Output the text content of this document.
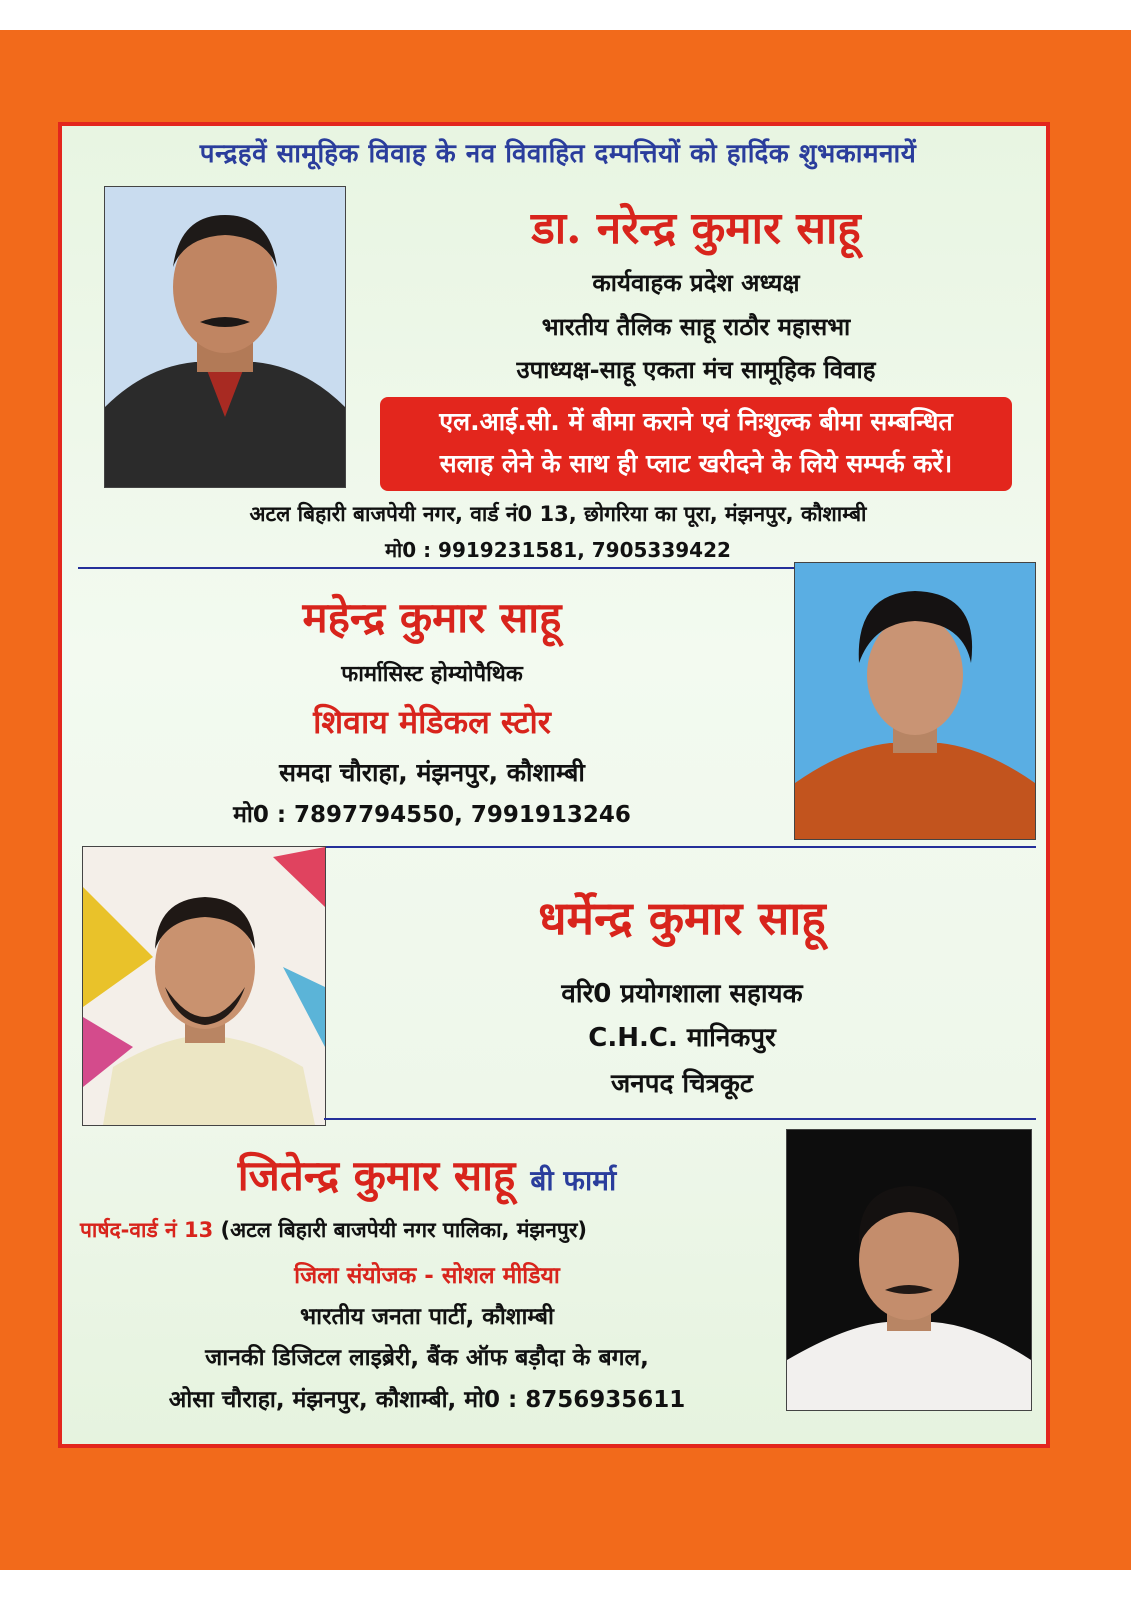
पन्द्रहवें सामूहिक विवाह के नव विवाहित दम्पत्तियों को हार्दिक शुभकामनायें
डा. नरेन्द्र कुमार साहू
कार्यवाहक प्रदेश अध्यक्ष
भारतीय तैलिक साहू राठौर महासभा
उपाध्यक्ष-साहू एकता मंच सामूहिक विवाह
एल.आई.सी. में बीमा कराने एवं निःशुल्क बीमा सम्बन्धित
सलाह लेने के साथ ही प्लाट खरीदने के लिये सम्पर्क करें।
अटल बिहारी बाजपेयी नगर, वार्ड नं0 13, छोगरिया का पूरा, मंझनपुर, कौशाम्बी
मो0 : 9919231581, 7905339422
महेन्द्र कुमार साहू
फार्मासिस्ट होम्योपैथिक
शिवाय मेडिकल स्टोर
समदा चौराहा, मंझनपुर, कौशाम्बी
मो0 : 7897794550, 7991913246
धर्मेन्द्र कुमार साहू
वरि0 प्रयोगशाला सहायक
C.H.C. मानिकपुर
जनपद चित्रकूट
जितेन्द्र कुमार साहू बी फार्मा
पार्षद-वार्ड नं 13 (अटल बिहारी बाजपेयी नगर पालिका, मंझनपुर)
जिला संयोजक - सोशल मीडिया
भारतीय जनता पार्टी, कौशाम्बी
जानकी डिजिटल लाइब्रेरी, बैंक ऑफ बड़ौदा के बगल,
ओसा चौराहा, मंझनपुर, कौशाम्बी, मो0 : 8756935611
